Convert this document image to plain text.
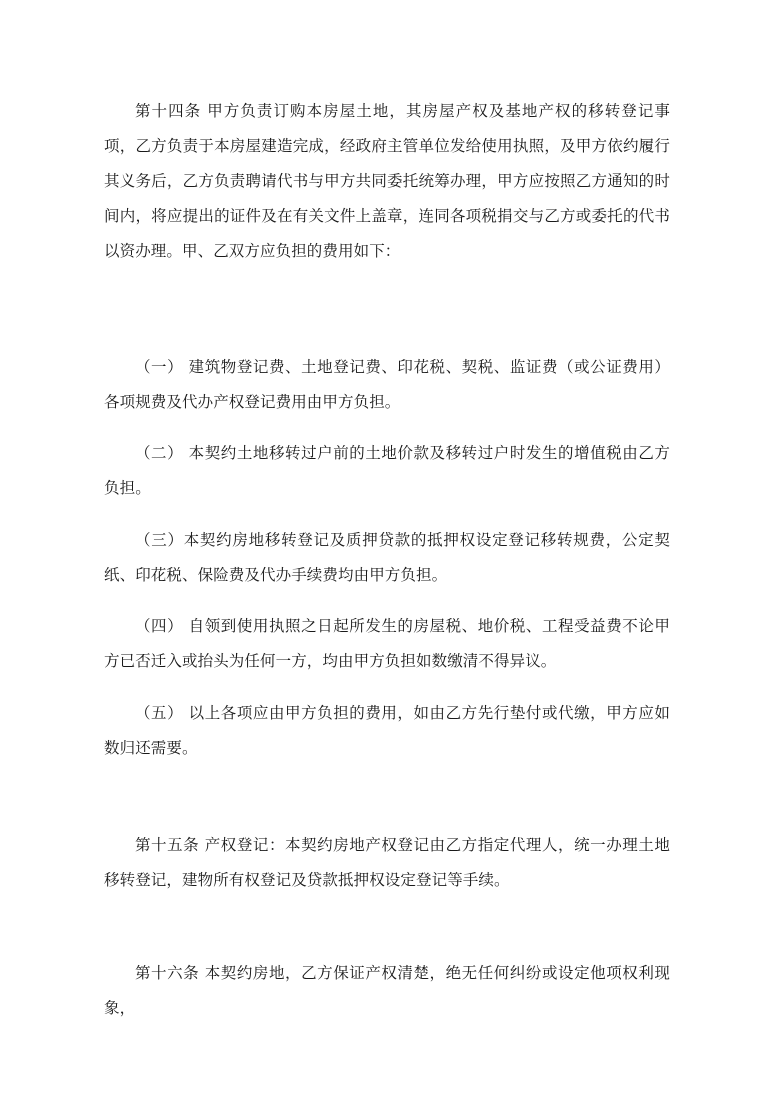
第十四条 甲方负责订购本房屋土地，其房屋产权及基地产权的移转登记事项，乙方负责于本房屋建造完成，经政府主管单位发给使用执照，及甲方依约履行其义务后，乙方负责聘请代书与甲方共同委托统筹办理，甲方应按照乙方通知的时间内，将应提出的证件及在有关文件上盖章，连同各项税捐交与乙方或委托的代书以资办理。甲、乙双方应负担的费用如下：

（一） 建筑物登记费、土地登记费、印花税、契税、监证费（或公证费用）各项规费及代办产权登记费用由甲方负担。

（二） 本契约土地移转过户前的土地价款及移转过户时发生的增值税由乙方负担。

（三）本契约房地移转登记及质押贷款的抵押权设定登记移转规费，公定契纸、印花税、保险费及代办手续费均由甲方负担。

（四） 自领到使用执照之日起所发生的房屋税、地价税、工程受益费不论甲方已否迁入或抬头为任何一方，均由甲方负担如数缴清不得异议。

（五） 以上各项应由甲方负担的费用，如由乙方先行垫付或代缴，甲方应如数归还需要。

第十五条 产权登记：本契约房地产权登记由乙方指定代理人，统一办理土地移转登记，建物所有权登记及贷款抵押权设定登记等手续。

第十六条 本契约房地，乙方保证产权清楚，绝无任何纠纷或设定他项权利现象，
